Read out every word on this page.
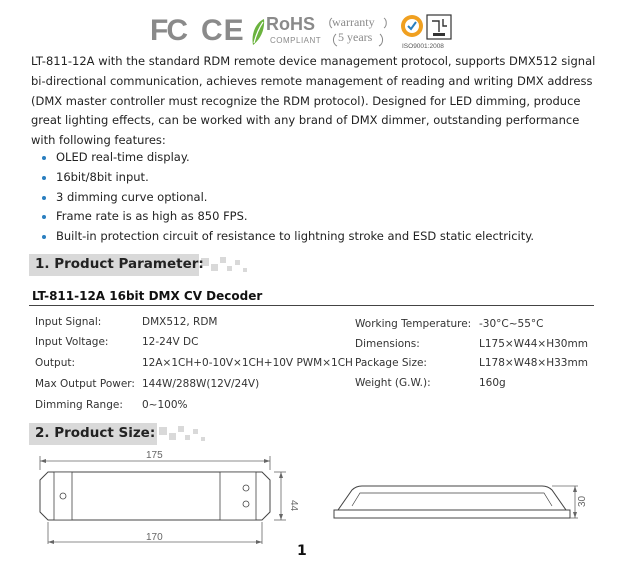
FC CE RoHS
COMPLIANT
warranty
5 years
ISO9001:2008

LT-811-12A with the standard RDM remote device management protocol, supports DMX512 signal bi-directional communication, achieves remote management of reading and writing DMX address (DMX master controller must recognize the RDM protocol). Designed for LED dimming, produce great lighting effects, can be worked with any brand of DMX dimmer, outstanding performance with following features:

OLED real-time display.
16bit/8bit input.
3 dimming curve optional.
Frame rate is as high as 850 FPS.
Built-in protection circuit of resistance to lightning stroke and ESD static electricity.
1. Product Parameter:
LT-811-12A 16bit DMX CV Decoder
Input Signal:	DMX512, RDM
Input Voltage:	12-24V DC
Output:	12A×1CH+0-10V×1CH+10V PWM×1CH
Max Output Power: 144W/288W(12V/24V)
Dimming Range: 0~100%
Working Temperature: -30°C~55°C
Dimensions:	L175×W44×H30mm
Package Size:	L178×W48×H33mm
Weight (G.W.):	160g
2. Product Size:
175
44
170
30
1
